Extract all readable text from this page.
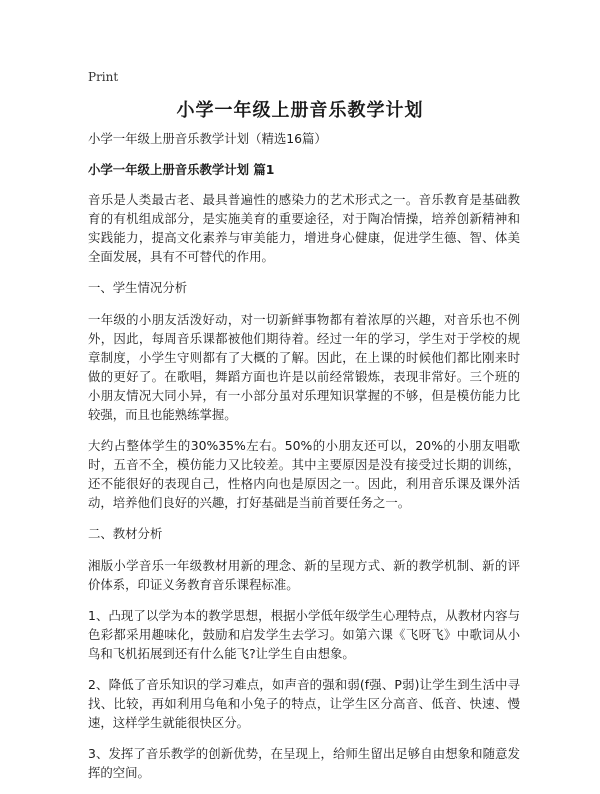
Print
小学一年级上册音乐教学计划

小学一年级上册音乐教学计划（精选16篇）

小学一年级上册音乐教学计划 篇1

音乐是人类最古老、最具普遍性的感染力的艺术形式之一。音乐教育是基础教育的有机组成部分，是实施美育的重要途径，对于陶冶情操，培养创新精神和实践能力，提高文化素养与审美能力，增进身心健康，促进学生德、智、体美全面发展，具有不可替代的作用。

一、学生情况分析

一年级的小朋友活泼好动，对一切新鲜事物都有着浓厚的兴趣，对音乐也不例外，因此，每周音乐课都被他们期待着。经过一年的学习，学生对于学校的规章制度，小学生守则都有了大概的了解。因此，在上课的时候他们都比刚来时做的更好了。在歌唱，舞蹈方面也许是以前经常锻炼，表现非常好。三个班的小朋友情况大同小异，有一小部分虽对乐理知识掌握的不够，但是模仿能力比较强，而且也能熟练掌握。

大约占整体学生的30%35%左右。50%的小朋友还可以，20%的小朋友唱歌时，五音不全，模仿能力又比较差。其中主要原因是没有接受过长期的训练，还不能很好的表现自己，性格内向也是原因之一。因此，利用音乐课及课外活动，培养他们良好的兴趣，打好基础是当前首要任务之一。

二、教材分析

湘版小学音乐一年级教材用新的理念、新的呈现方式、新的教学机制、新的评价体系，印证义务教育音乐课程标准。

1、凸现了以学为本的教学思想，根据小学低年级学生心理特点，从教材内容与色彩都采用趣味化，鼓励和启发学生去学习。如第六课《飞呀飞》中歌词从小鸟和飞机拓展到还有什么能飞?让学生自由想象。

2、降低了音乐知识的学习难点，如声音的强和弱(f强、P弱)让学生到生活中寻找、比较，再如利用乌龟和小兔子的特点，让学生区分高音、低音、快速、慢速，这样学生就能很快区分。

3、发挥了音乐教学的创新优势，在呈现上，给师生留出足够自由想象和随意发挥的空间。
